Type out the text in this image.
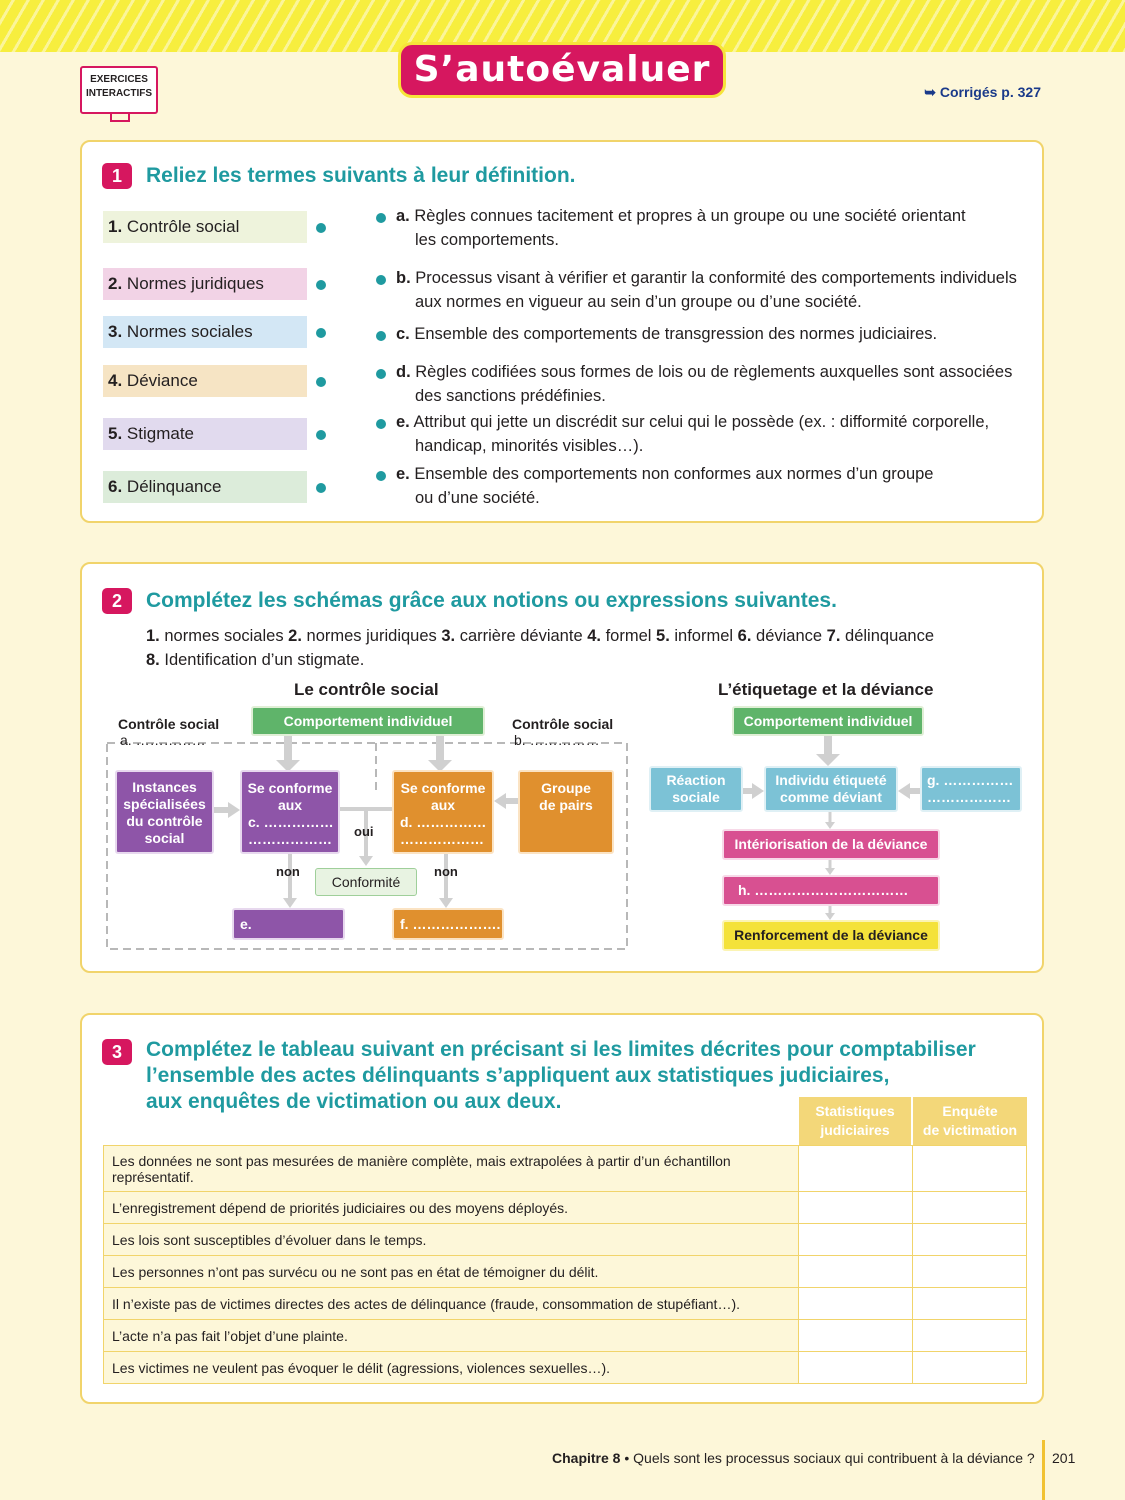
S’autoévaluer
EXERCICES
INTERACTIFS	➥ Corrigés p. 327
1	Reliez les termes suivants à leur définition.
1. Contrôle social
2. Normes juridiques
3. Normes sociales
4. Déviance
5. Stigmate
6. Délinquance
a. Règles connues tacitement et propres à un groupe ou une société orientant
les comportements.
b. Processus visant à vérifier et garantir la conformité des comportements individuels
aux normes en vigueur au sein d’un groupe ou d’une société.
c. Ensemble des comportements de transgression des normes judiciaires.
d. Règles codifiées sous formes de lois ou de règlements auxquelles sont associées
des sanctions prédéfinies.
e. Attribut qui jette un discrédit sur celui qui le possède (ex. : difformité corporelle,
handicap, minorités visibles…).
e. Ensemble des comportements non conformes aux normes d’un groupe
ou d’une société.
2	Complétez les schémas grâce aux notions ou expressions suivantes.
1. normes sociales 2. normes juridiques 3. carrière déviante 4. formel 5. informel 6. déviance 7. délinquance
8. Identification d’un stigmate.
Le contrôle social
Contrôle social
a. ……………
Contrôle social
b. ……………
Comportement individuel
Instances
spécialisées
du contrôle
social
Se conforme
aux
c. ……………
………………
Se conforme
aux
d. ……………
………………
Groupe
de pairs
oui
non	non
Conformité
e. ……………….
f. ……………….
L’étiquetage et la déviance
Comportement individuel
Réaction
sociale
Individu étiqueté
comme déviant
g. ……………
………………
Intériorisation de la déviance
h. ……………………………
Renforcement de la déviance
3	Complétez le tableau suivant en précisant si les limites décrites pour comptabiliser
l’ensemble des actes délinquants s’appliquent aux statistiques judiciaires,
aux enquêtes de victimation ou aux deux.	Statistiques
judiciaires
Enquête
de victimation
Les données ne sont pas mesurées de manière complète, mais extrapolées à partir d’un échantillon représentatif.		
L’enregistrement dépend de priorités judiciaires ou des moyens déployés.		
Les lois sont susceptibles d’évoluer dans le temps.		
Les personnes n’ont pas survécu ou ne sont pas en état de témoigner du délit.		
Il n’existe pas de victimes directes des actes de délinquance (fraude, consommation de stupéfiant…).		
L’acte n’a pas fait l’objet d’une plainte.		
Les victimes ne veulent pas évoquer le délit (agressions, violences sexuelles…).		
Chapitre 8 • Quels sont les processus sociaux qui contribuent à la déviance ? 201
